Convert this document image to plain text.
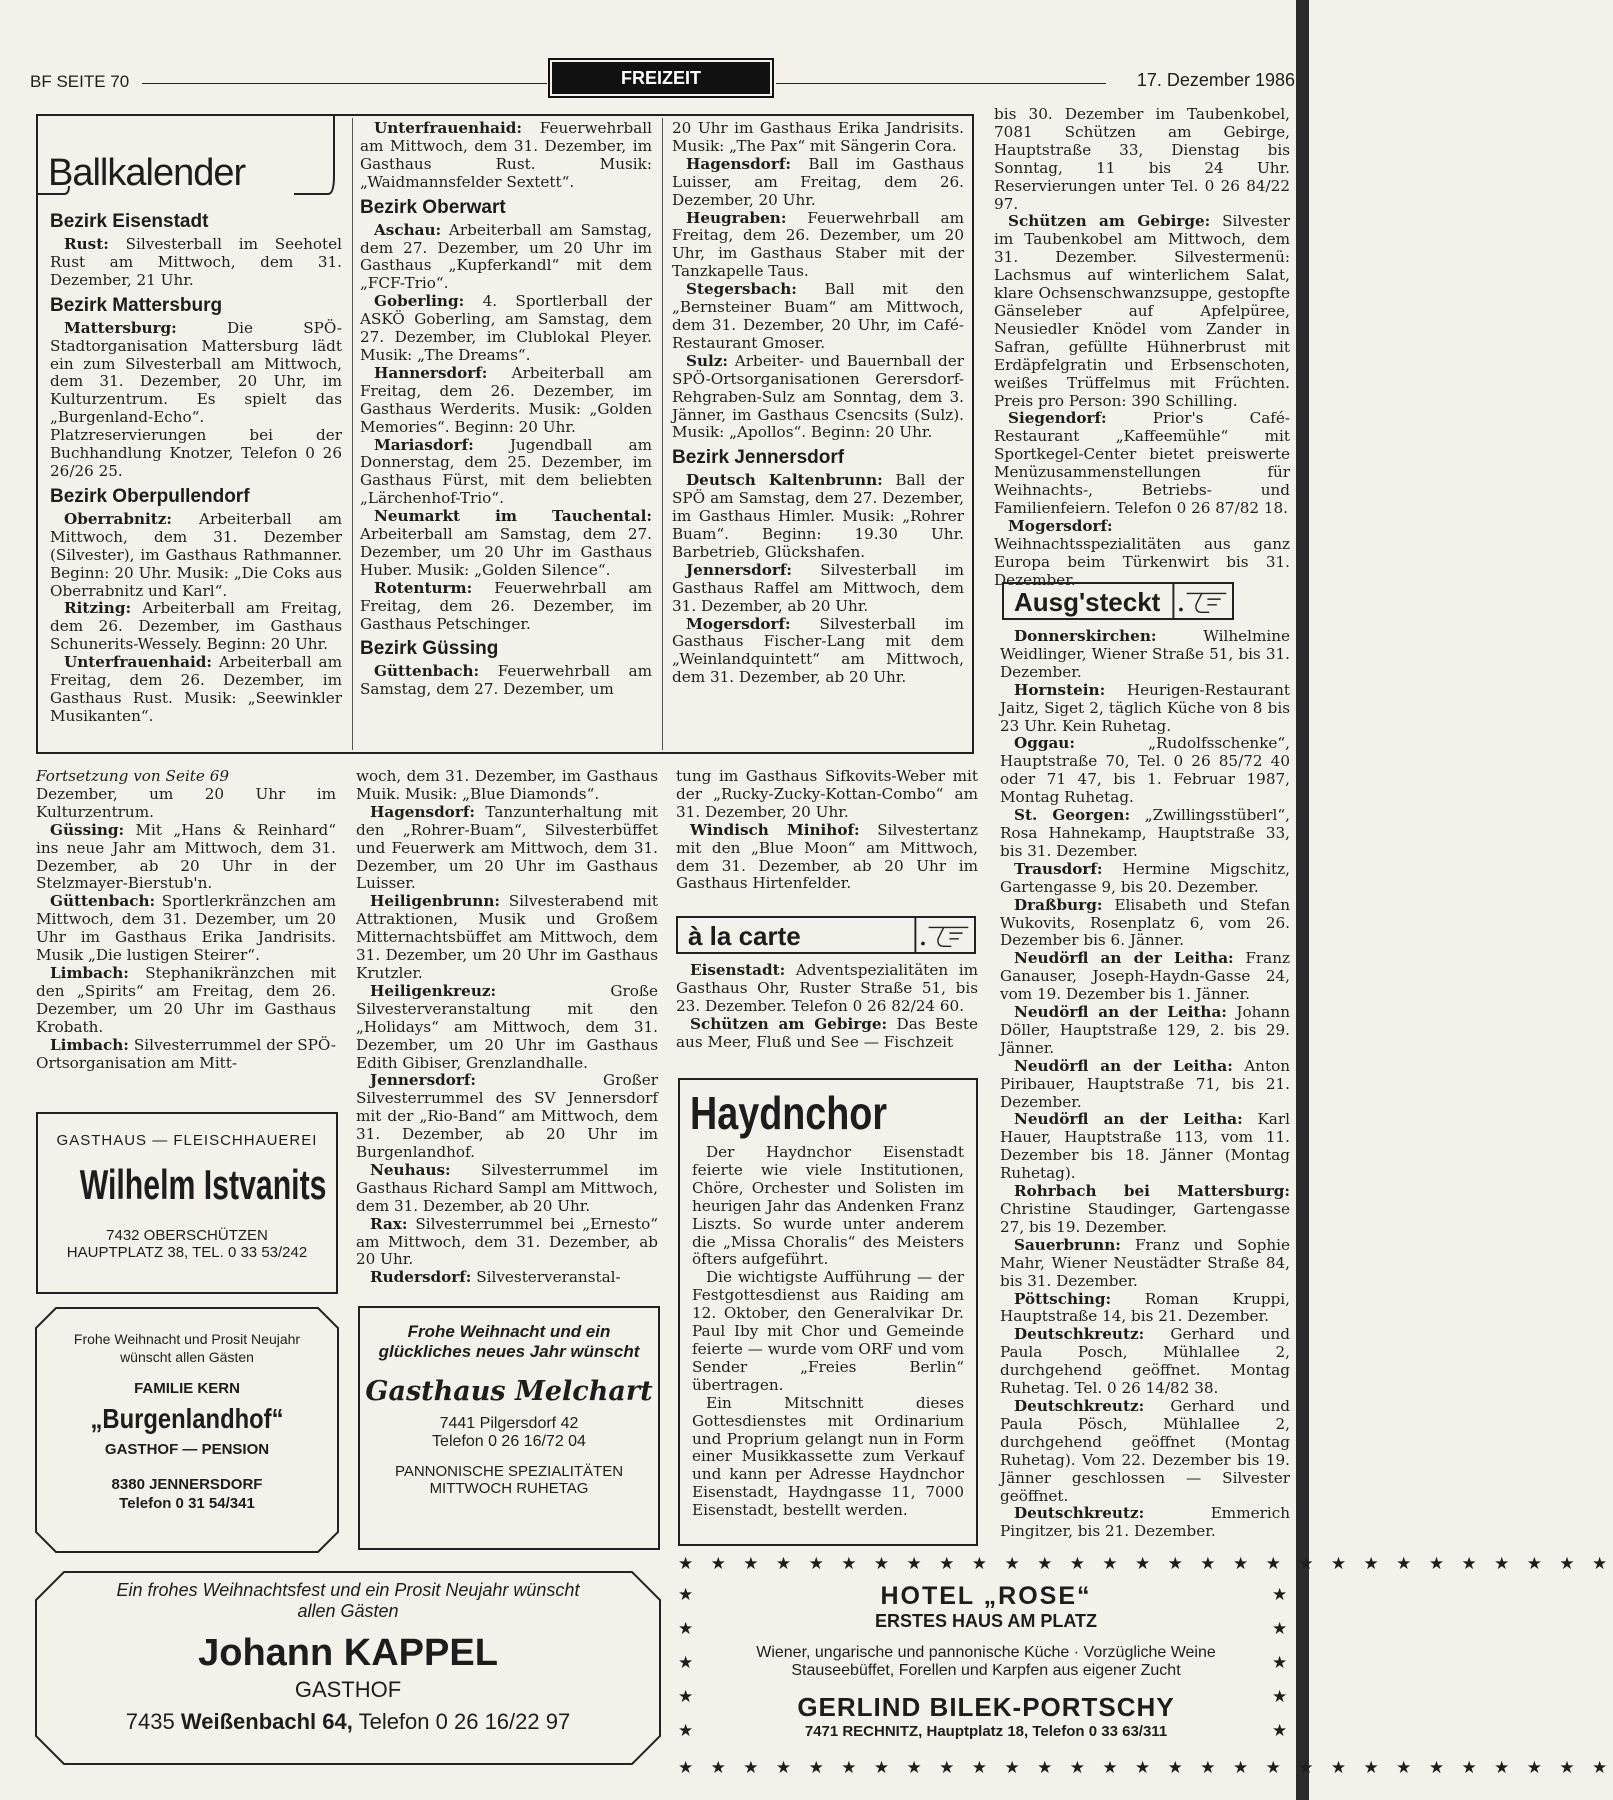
BF SEITE 70	FREIZEIT	17. Dezember 1986
Ballkalender
Bezirk Eisenstadt

Rust: Silvesterball im Seehotel Rust am Mittwoch, dem 31. Dezember, 21 Uhr.

Bezirk Mattersburg

Mattersburg: Die SPÖ-Stadtorganisation Mattersburg lädt ein zum Silvesterball am Mittwoch, dem 31. Dezember, 20 Uhr, im Kulturzentrum. Es spielt das „Burgenland-Echo“. Platzreservierungen bei der Buchhandlung Knotzer, Telefon 0 26 26/26 25.

Bezirk Oberpullendorf

Oberrabnitz: Arbeiterball am Mittwoch, dem 31. Dezember (Silvester), im Gasthaus Rathmanner. Beginn: 20 Uhr. Musik: „Die Coks aus Oberrabnitz und Karl“.

Ritzing: Arbeiterball am Freitag, dem 26. Dezember, im Gasthaus Schunerits-Wessely. Beginn: 20 Uhr.

Unterfrauenhaid: Arbeiterball am Freitag, dem 26. Dezember, im Gasthaus Rust. Musik: „Seewinkler Musikanten“.

Unterfrauenhaid: Feuerwehrball am Mittwoch, dem 31. Dezember, im Gasthaus Rust. Musik: „Waidmannsfelder Sextett“.

Bezirk Oberwart

Aschau: Arbeiterball am Samstag, dem 27. Dezember, um 20 Uhr im Gasthaus „Kupferkandl“ mit dem „FCF-Trio“.

Goberling: 4. Sportlerball der ASKÖ Goberling, am Samstag, dem 27. Dezember, im Clublokal Pleyer. Musik: „The Dreams“.

Hannersdorf: Arbeiterball am Freitag, dem 26. Dezember, im Gasthaus Werderits. Musik: „Golden Memories“. Beginn: 20 Uhr.

Mariasdorf: Jugendball am Donnerstag, dem 25. Dezember, im Gasthaus Fürst, mit dem beliebten „Lärchenhof-Trio“.

Neumarkt im Tauchental: Arbeiterball am Samstag, dem 27. Dezember, um 20 Uhr im Gasthaus Huber. Musik: „Golden Silence“.

Rotenturm: Feuerwehrball am Freitag, dem 26. Dezember, im Gasthaus Petschinger.

Bezirk Güssing

Güttenbach: Feuerwehrball am Samstag, dem 27. Dezember, um

20 Uhr im Gasthaus Erika Jandrisits. Musik: „The Pax“ mit Sängerin Cora.

Hagensdorf: Ball im Gasthaus Luisser, am Freitag, dem 26. Dezember, 20 Uhr.

Heugraben: Feuerwehrball am Freitag, dem 26. Dezember, um 20 Uhr, im Gasthaus Staber mit der Tanzkapelle Taus.

Stegersbach: Ball mit den „Bernsteiner Buam“ am Mittwoch, dem 31. Dezember, 20 Uhr, im Café-Restaurant Gmoser.

Sulz: Arbeiter- und Bauernball der SPÖ-Ortsorganisationen Gerersdorf-Rehgraben-Sulz am Sonntag, dem 3. Jänner, im Gasthaus Csencsits (Sulz). Musik: „Apollos“. Beginn: 20 Uhr.

Bezirk Jennersdorf

Deutsch Kaltenbrunn: Ball der SPÖ am Samstag, dem 27. Dezember, im Gasthaus Himler. Musik: „Rohrer Buam“. Beginn: 19.30 Uhr. Barbetrieb, Glückshafen.

Jennersdorf: Silvesterball im Gasthaus Raffel am Mittwoch, dem 31. Dezember, ab 20 Uhr.

Mogersdorf: Silvesterball im Gasthaus Fischer-Lang mit dem „Weinlandquintett“ am Mittwoch, dem 31. Dezember, ab 20 Uhr.

Fortsetzung von Seite 69

Dezember, um 20 Uhr im Kulturzentrum.

Güssing: Mit „Hans & Reinhard“ ins neue Jahr am Mittwoch, dem 31. Dezember, ab 20 Uhr in der Stelzmayer-Bierstub'n.

Güttenbach: Sportlerkränzchen am Mittwoch, dem 31. Dezember, um 20 Uhr im Gasthaus Erika Jandrisits. Musik „Die lustigen Steirer“.

Limbach: Stephanikränzchen mit den „Spirits“ am Freitag, dem 26. Dezember, um 20 Uhr im Gasthaus Krobath.

Limbach: Silvesterrummel der SPÖ-Ortsorganisation am Mitt-

woch, dem 31. Dezember, im Gasthaus Muik. Musik: „Blue Diamonds“.

Hagensdorf: Tanzunterhaltung mit den „Rohrer-Buam“, Silvesterbüffet und Feuerwerk am Mittwoch, dem 31. Dezember, um 20 Uhr im Gasthaus Luisser.

Heiligenbrunn: Silvesterabend mit Attraktionen, Musik und Großem Mitternachtsbüffet am Mittwoch, dem 31. Dezember, um 20 Uhr im Gasthaus Krutzler.

Heiligenkreuz: Große Silvesterveranstaltung mit den „Holidays“ am Mittwoch, dem 31. Dezember, um 20 Uhr im Gasthaus Edith Gibiser, Grenzlandhalle.

Jennersdorf: Großer Silvesterrummel des SV Jennersdorf mit der „Rio-Band“ am Mittwoch, dem 31. Dezember, ab 20 Uhr im Burgenlandhof.

Neuhaus: Silvesterrummel im Gasthaus Richard Sampl am Mittwoch, dem 31. Dezember, ab 20 Uhr.

Rax: Silvesterrummel bei „Ernesto“ am Mittwoch, dem 31. Dezember, ab 20 Uhr.

Rudersdorf: Silvesterveranstal-

tung im Gasthaus Sifkovits-Weber mit der „Rucky-Zucky-Kottan-Combo“ am 31. Dezember, 20 Uhr.

Windisch Minihof: Silvestertanz mit den „Blue Moon“ am Mittwoch, dem 31. Dezember, ab 20 Uhr im Gasthaus Hirtenfelder.

à la carte

Eisenstadt: Adventspezialitäten im Gasthaus Ohr, Ruster Straße 51, bis 23. Dezember. Telefon 0 26 82/24 60.

Schützen am Gebirge: Das Beste aus Meer, Fluß und See — Fischzeit

Haydnchor

Der Haydnchor Eisenstadt feierte wie viele Institutionen, Chöre, Orchester und Solisten im heurigen Jahr das Andenken Franz Liszts. So wurde unter anderem die „Missa Choralis“ des Meisters öfters aufgeführt.

Die wichtigste Aufführung — der Festgottesdienst aus Raiding am 12. Oktober, den Generalvikar Dr. Paul Iby mit Chor und Gemeinde feierte — wurde vom ORF und vom Sender „Freies Berlin“ übertragen.

Ein Mitschnitt dieses Gottesdienstes mit Ordinarium und Proprium gelangt nun in Form einer Musikkassette zum Verkauf und kann per Adresse Haydnchor Eisenstadt, Haydngasse 11, 7000 Eisenstadt, bestellt werden.

bis 30. Dezember im Taubenkobel, 7081 Schützen am Gebirge, Hauptstraße 33, Dienstag bis Sonntag, 11 bis 24 Uhr. Reservierungen unter Tel. 0 26 84/22 97.

Schützen am Gebirge: Silvester im Taubenkobel am Mittwoch, dem 31. Dezember. Silvestermenü: Lachsmus auf winterlichem Salat, klare Ochsenschwanzsuppe, gestopfte Gänseleber auf Apfelpüree, Neusiedler Knödel vom Zander in Safran, gefüllte Hühnerbrust mit Erdäpfelgratin und Erbsenschoten, weißes Trüffelmus mit Früchten. Preis pro Person: 390 Schilling.

Siegendorf: Prior's Café-Restaurant „Kaffeemühle“ mit Sportkegel-Center bietet preiswerte Menüzusammenstellungen für Weihnachts-, Betriebs- und Familienfeiern. Telefon 0 26 87/82 18.

Mogersdorf: Weihnachtsspezialitäten aus ganz Europa beim Türkenwirt bis 31. Dezember.

Ausg'steckt

Donnerskirchen: Wilhelmine Weidlinger, Wiener Straße 51, bis 31. Dezember.

Hornstein: Heurigen-Restaurant Jaitz, Siget 2, täglich Küche von 8 bis 23 Uhr. Kein Ruhetag.

Oggau: „Rudolfsschenke“, Hauptstraße 70, Tel. 0 26 85/72 40 oder 71 47, bis 1. Februar 1987, Montag Ruhetag.

St. Georgen: „Zwillingsstüberl“, Rosa Hahnekamp, Hauptstraße 33, bis 31. Dezember.

Trausdorf: Hermine Migschitz, Gartengasse 9, bis 20. Dezember.

Draßburg: Elisabeth und Stefan Wukovits, Rosenplatz 6, vom 26. Dezember bis 6. Jänner.

Neudörfl an der Leitha: Franz Ganauser, Joseph-Haydn-Gasse 24, vom 19. Dezember bis 1. Jänner.

Neudörfl an der Leitha: Johann Döller, Hauptstraße 129, 2. bis 29. Jänner.

Neudörfl an der Leitha: Anton Piribauer, Hauptstraße 71, bis 21. Dezember.

Neudörfl an der Leitha: Karl Hauer, Hauptstraße 113, vom 11. Dezember bis 18. Jänner (Montag Ruhetag).

Rohrbach bei Mattersburg: Christine Staudinger, Gartengasse 27, bis 19. Dezember.

Sauerbrunn: Franz und Sophie Mahr, Wiener Neustädter Straße 84, bis 31. Dezember.

Pöttsching: Roman Kruppi, Hauptstraße 14, bis 21. Dezember.

Deutschkreutz: Gerhard und Paula Posch, Mühlallee 2, durchgehend geöffnet. Montag Ruhetag. Tel. 0 26 14/82 38.

Deutschkreutz: Gerhard und Paula Pösch, Mühlallee 2, durchgehend geöffnet (Montag Ruhetag). Vom 22. Dezember bis 19. Jänner geschlossen — Silvester geöffnet.

Deutschkreutz: Emmerich Pingitzer, bis 21. Dezember.

GASTHAUS — FLEISCHHAUEREI
Wilhelm Istvanits
7432 OBERSCHÜTZEN
HAUPTPLATZ 38, TEL. 0 33 53/242
Frohe Weihnacht und Prosit Neujahr wünscht allen Gästen
FAMILIE KERN
„Burgenlandhof“
GASTHOF — PENSION
8380 JENNERSDORF
Telefon 0 31 54/341
Frohe Weihnacht und ein glückliches neues Jahr wünscht
Gasthaus Melchart
7441 Pilgersdorf 42
Telefon 0 26 16/72 04
PANNONISCHE SPEZIALITÄTEN
MITTWOCH RUHETAG
Ein frohes Weihnachtsfest und ein Prosit Neujahr wünscht allen Gästen
Johann KAPPEL
GASTHOF
7435 Weißenbachl 64, Telefon 0 26 16/22 97
★ ★ ★ ★ ★ ★ ★ ★ ★ ★ ★ ★ ★ ★ ★ ★ ★ ★ ★ ★ ★ ★ ★ ★ ★ ★ ★ ★ ★
★ ★ ★ ★ ★ ★ ★ ★ ★ ★ ★ ★ ★ ★ ★ ★ ★ ★ ★ ★ ★ ★ ★ ★ ★ ★ ★ ★ ★
★
★
★
★
★
★
★
★
★
★
HOTEL „ROSE“
ERSTES HAUS AM PLATZ
Wiener, ungarische und pannonische Küche · Vorzügliche Weine
Stauseebüffet, Forellen und Karpfen aus eigener Zucht
GERLIND BILEK-PORTSCHY
7471 RECHNITZ, Hauptplatz 18, Telefon 0 33 63/311
